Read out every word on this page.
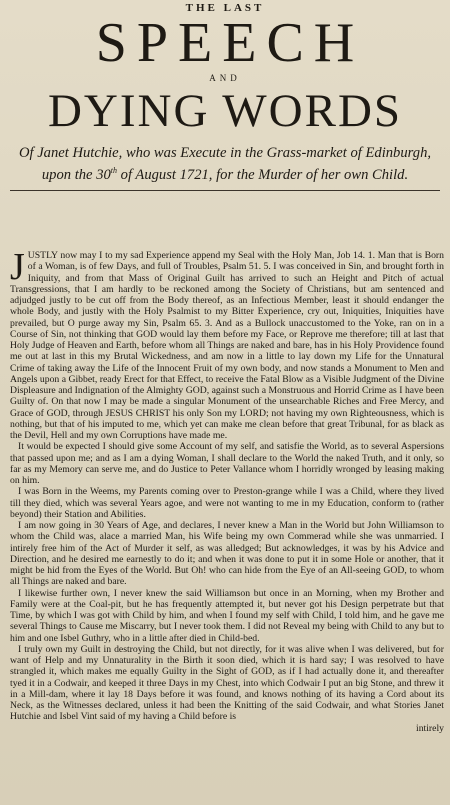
THE LAST
SPEECH
AND
DYING WORDS

Of Janet Hutchie, who was Execute in the Grass-market of Edinburgh, upon the 30th of August 1721, for the Murder of her own Child.

JUSTLY now may I to my sad Experience append my Seal with the Holy Man, Job 14. 1. Man that is Born of a Woman, is of few Days, and full of Troubles, Psalm 51. 5. I was conceived in Sin, and brought forth in Iniquity, and from that Mass of Original Guilt has arrived to such an Height and Pitch of actual Transgressions, that I am hardly to be reckoned among the Society of Christians, but am sentenced and adjudged justly to be cut off from the Body thereof, as an Infectious Member, least it should endanger the whole Body, and justly with the Holy Psalmist to my Bitter Experience, cry out, Iniquities, Iniquities have prevailed, but O purge away my Sin, Psalm 65. 3. And as a Bullock unaccustomed to the Yoke, ran on in a Course of Sin, not thinking that GOD would lay them before my Face, or Reprove me therefore; till at last that Holy Judge of Heaven and Earth, before whom all Things are naked and bare, has in his Holy Providence found me out at last in this my Brutal Wickedness, and am now in a little to lay down my Life for the Unnatural Crime of taking away the Life of the Innocent Fruit of my own body, and now stands a Monument to Men and Angels upon a Gibbet, ready Erect for that Effect, to receive the Fatal Blow as a Visible Judgment of the Divine Displeasure and Indignation of the Almighty GOD, against such a Monstruous and Horrid Crime as I have been Guilty of. On that now I may be made a singular Monument of the unsearchable Riches and Free Mercy, and Grace of GOD, through JESUS CHRIST his only Son my LORD; not having my own Righteousness, which is nothing, but that of his imputed to me, which yet can make me clean before that great Tribunal, for as black as the Devil, Hell and my own Corruptions have made me.

It would be expected I should give some Account of my self, and satisfie the World, as to several Aspersions that passed upon me; and as I am a dying Woman, I shall declare to the World the naked Truth, and it only, so far as my Memory can serve me, and do Justice to Peter Vallance whom I horridly wronged by leasing making on him.

I was Born in the Weems, my Parents coming over to Preston-grange while I was a Child, where they lived till they died, which was several Years agoe, and were not wanting to me in my Education, conform to (rather beyond) their Station and Abilities.

I am now going in 30 Years of Age, and declares, I never knew a Man in the World but John Williamson to whom the Child was, alace a married Man, his Wife being my own Commerad while she was unmarried. I intirely free him of the Act of Murder it self, as was alledged; But acknowledges, it was by his Advice and Direction, and he desired me earnestly to do it; and when it was done to put it in some Hole or another, that it might be hid from the Eyes of the World. But Oh! who can hide from the Eye of an All-seeing GOD, to whom all Things are naked and bare.

I likewise further own, I never knew the said Williamson but once in an Morning, when my Brother and Family were at the Coal-pit, but he has frequently attempted it, but never got his Design perpetrate but that Time, by which I was got with Child by him, and when I found my self with Child, I told him, and he gave me several Things to Cause me Miscarry, but I never took them. I did not Reveal my being with Child to any but to him and one Isbel Guthry, who in a little after died in Child-bed.

I truly own my Guilt in destroying the Child, but not directly, for it was alive when I was delivered, but for want of Help and my Unnaturality in the Birth it soon died, which it is hard say; I was resolved to have strangled it, which makes me equally Guilty in the Sight of GOD, as if I had actually done it, and thereafter tyed it in a Codwair, and keeped it three Days in my Chest, into which Codwair I put an big Stone, and threw it in a Mill-dam, where it lay 18 Days before it was found, and knows nothing of its having a Cord about its Neck, as the Witnesses declared, unless it had been the Knitting of the said Codwair, and what Stories Janet Hutchie and Isbel Vint said of my having a Child before is

intirely
